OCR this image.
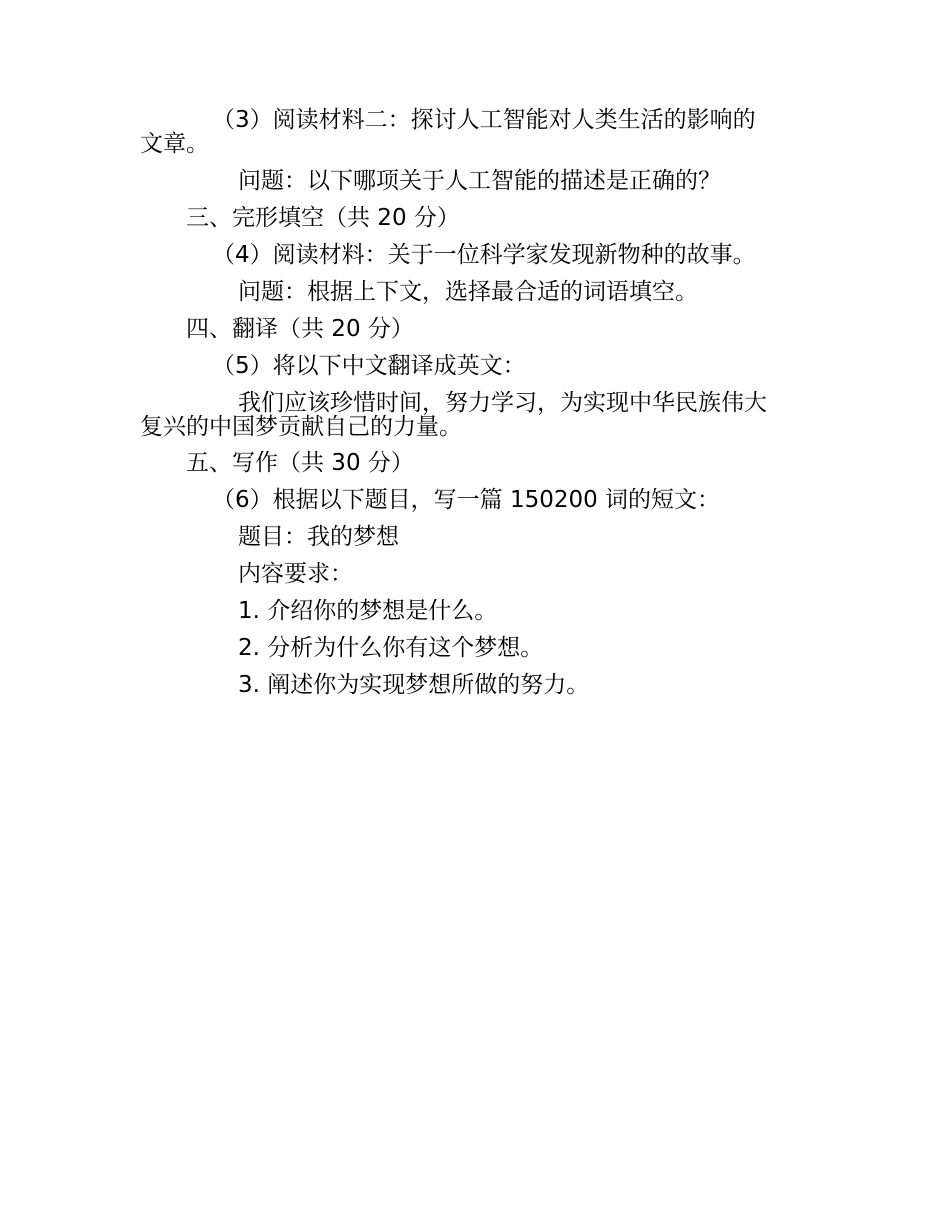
（3）阅读材料二：探讨人工智能对人类生活的影响的
文章。
问题：以下哪项关于人工智能的描述是正确的？
三、完形填空（共 20 分）
（4）阅读材料：关于一位科学家发现新物种的故事。
问题：根据上下文，选择最合适的词语填空。
四、翻译（共 20 分）
（5）将以下中文翻译成英文：
我们应该珍惜时间，努力学习，为实现中华民族伟大
复兴的中国梦贡献自己的力量。
五、写作（共 30 分）
（6）根据以下题目，写一篇 150200 词的短文：
题目：我的梦想
内容要求：
1. 介绍你的梦想是什么。
2. 分析为什么你有这个梦想。
3. 阐述你为实现梦想所做的努力。
